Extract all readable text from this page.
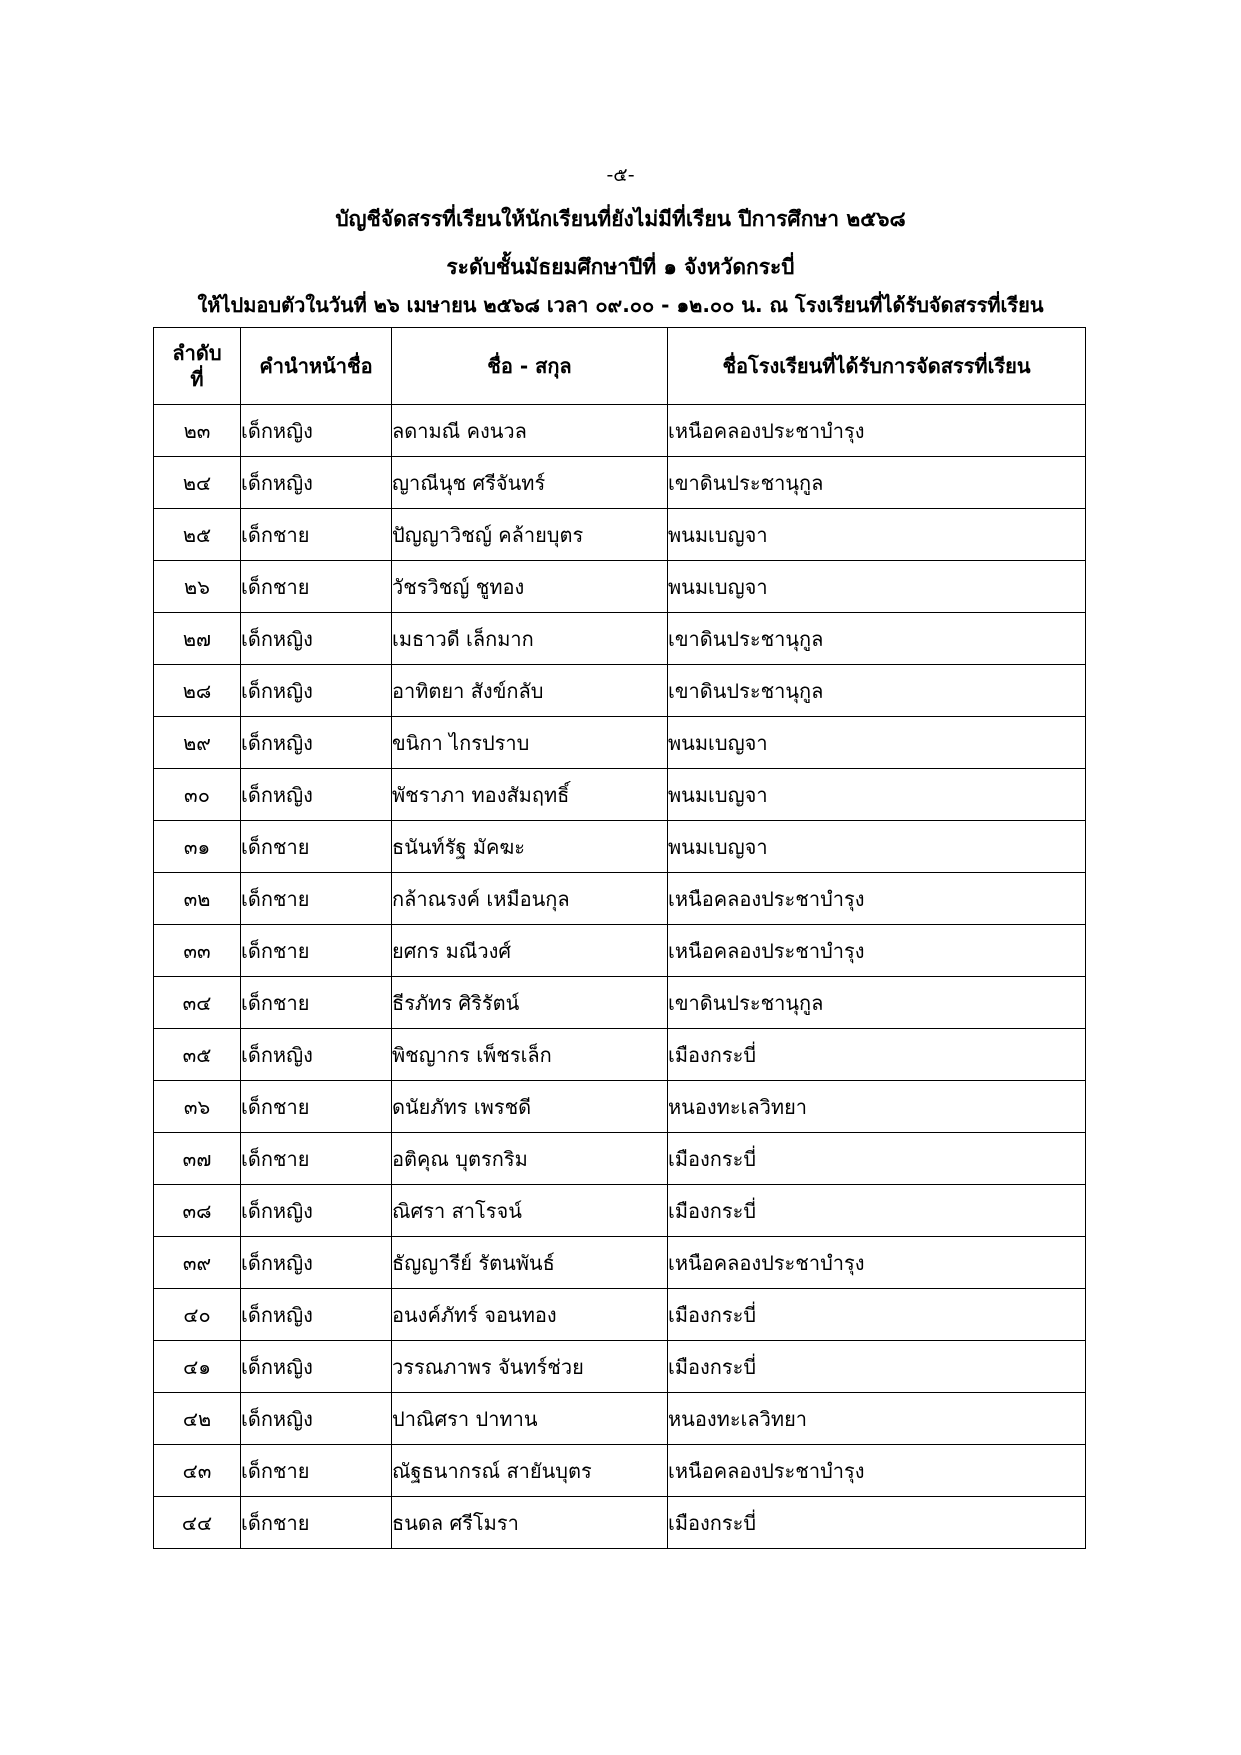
-๕-
บัญชีจัดสรรที่เรียนให้นักเรียนที่ยังไม่มีที่เรียน ปีการศึกษา ๒๕๖๘
ระดับชั้นมัธยมศึกษาปีที่ ๑ จังหวัดกระบี่
ให้ไปมอบตัวในวันที่ ๒๖ เมษายน ๒๕๖๘ เวลา ๐๙.๐๐ - ๑๒.๐๐ น. ณ โรงเรียนที่ได้รับจัดสรรที่เรียน
ลำดับ
ที่	คำนำหน้าชื่อ	ชื่อ - สกุล	ชื่อโรงเรียนที่ได้รับการจัดสรรที่เรียน
๒๓	เด็กหญิง	ลดามณี คงนวล	เหนือคลองประชาบำรุง
๒๔	เด็กหญิง	ญาณีนุช ศรีจันทร์	เขาดินประชานุกูล
๒๕	เด็กชาย	ปัญญาวิชญ์ คล้ายบุตร	พนมเบญจา
๒๖	เด็กชาย	วัชรวิชญ์ ชูทอง	พนมเบญจา
๒๗	เด็กหญิง	เมธาวดี เล็กมาก	เขาดินประชานุกูล
๒๘	เด็กหญิง	อาทิตยา สังข์กลับ	เขาดินประชานุกูล
๒๙	เด็กหญิง	ขนิกา ไกรปราบ	พนมเบญจา
๓๐	เด็กหญิง	พัชราภา ทองสัมฤทธิ์	พนมเบญจา
๓๑	เด็กชาย	ธนันท์รัฐ มัคฆะ	พนมเบญจา
๓๒	เด็กชาย	กล้าณรงค์ เหมือนกุล	เหนือคลองประชาบำรุง
๓๓	เด็กชาย	ยศกร มณีวงศ์	เหนือคลองประชาบำรุง
๓๔	เด็กชาย	ธีรภัทร ศิริรัตน์	เขาดินประชานุกูล
๓๕	เด็กหญิง	พิชญากร เพ็ชรเล็ก	เมืองกระบี่
๓๖	เด็กชาย	ดนัยภัทร เพรชดี	หนองทะเลวิทยา
๓๗	เด็กชาย	อติคุณ บุตรกริม	เมืองกระบี่
๓๘	เด็กหญิง	ณิศรา สาโรจน์	เมืองกระบี่
๓๙	เด็กหญิง	ธัญญารีย์ รัตนพันธ์	เหนือคลองประชาบำรุง
๔๐	เด็กหญิง	อนงค์ภัทร์ จอนทอง	เมืองกระบี่
๔๑	เด็กหญิง	วรรณภาพร จันทร์ช่วย	เมืองกระบี่
๔๒	เด็กหญิง	ปาณิศรา ปาทาน	หนองทะเลวิทยา
๔๓	เด็กชาย	ณัฐธนากรณ์ สายันบุตร	เหนือคลองประชาบำรุง
๔๔	เด็กชาย	ธนดล ศรีโมรา	เมืองกระบี่
